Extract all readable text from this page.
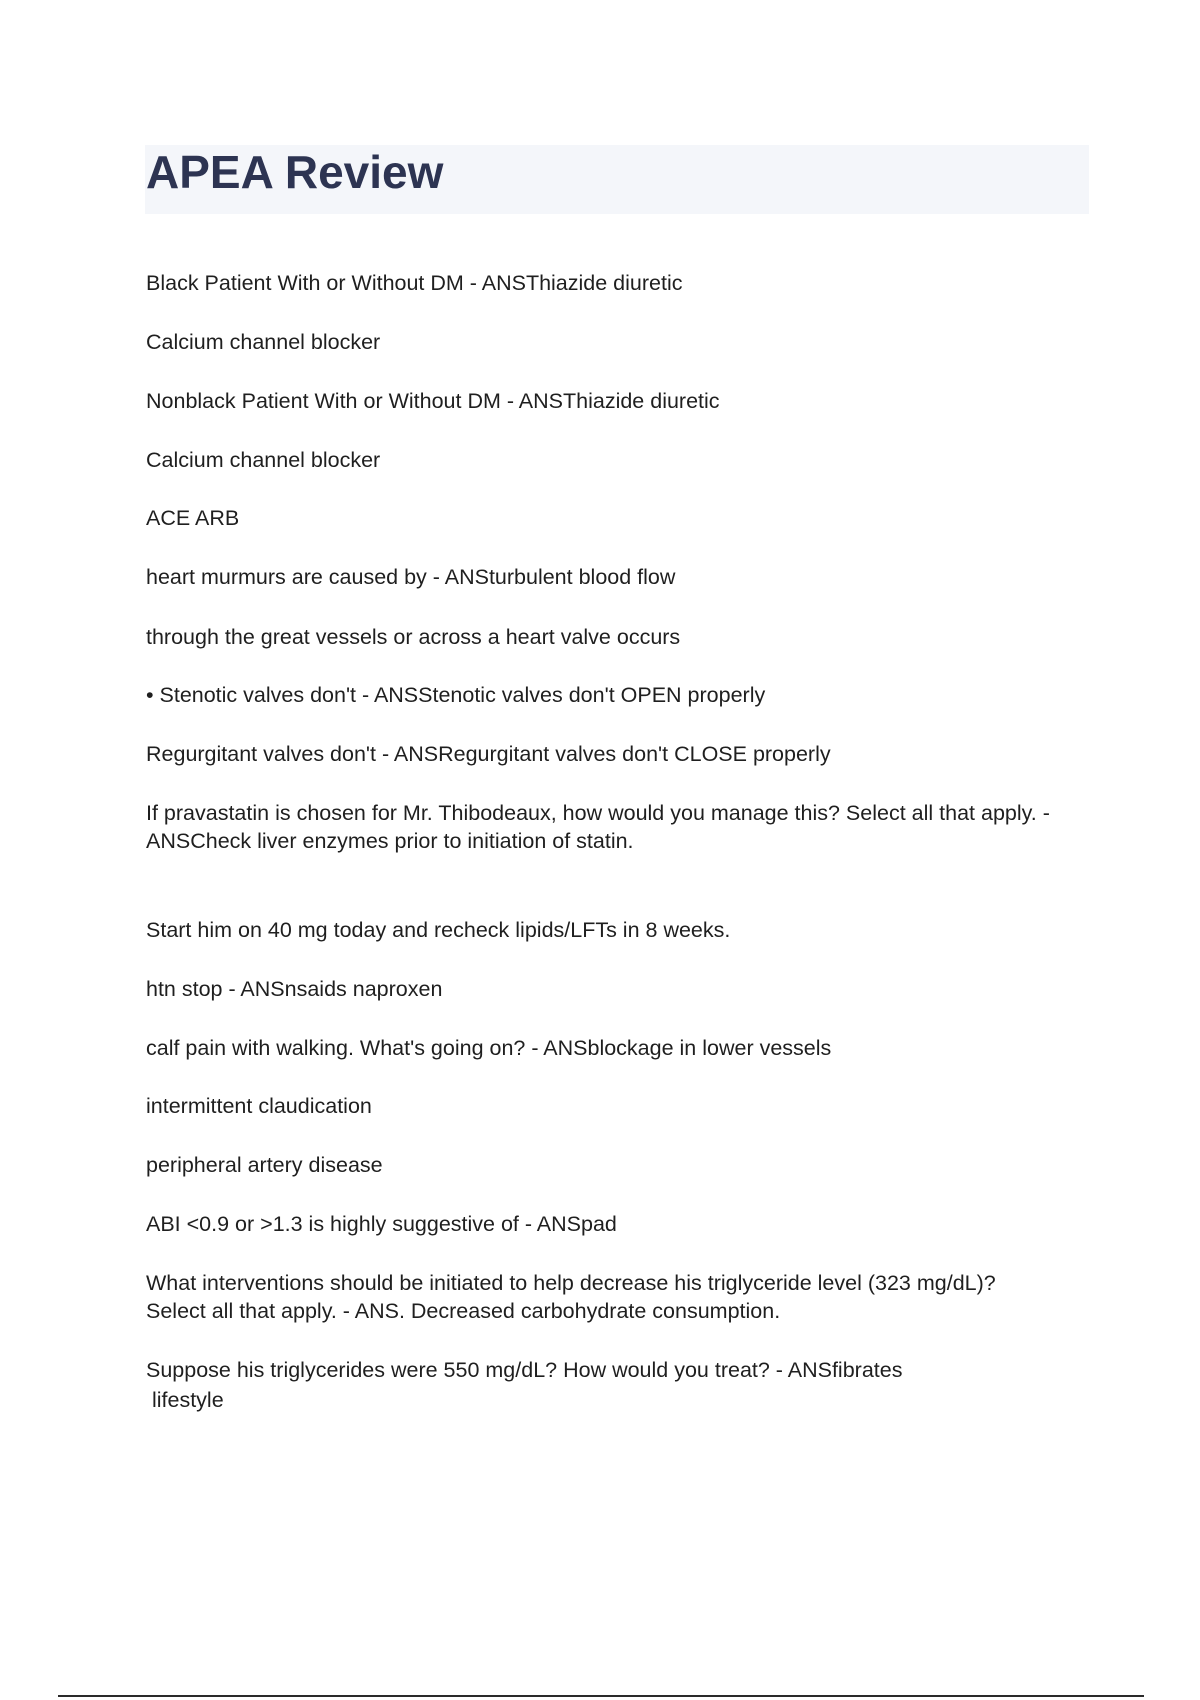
APEA Review

Black Patient With or Without DM - ANSThiazide diuretic

Calcium channel blocker

Nonblack Patient With or Without DM - ANSThiazide diuretic

Calcium channel blocker

ACE ARB

heart murmurs are caused by - ANSturbulent blood flow

through the great vessels or across a heart valve occurs

• Stenotic valves don't - ANSStenotic valves don't OPEN properly

Regurgitant valves don't - ANSRegurgitant valves don't CLOSE properly

If pravastatin is chosen for Mr. Thibodeaux, how would you manage this? Select all that apply. -

ANSCheck liver enzymes prior to initiation of statin.

Start him on 40 mg today and recheck lipids/LFTs in 8 weeks.

htn stop - ANSnsaids naproxen

calf pain with walking. What's going on? - ANSblockage in lower vessels

intermittent claudication

peripheral artery disease

ABI <0.9 or >1.3 is highly suggestive of - ANSpad

What interventions should be initiated to help decrease his triglyceride level (323 mg/dL)?

Select all that apply. - ANS. Decreased carbohydrate consumption.

Suppose his triglycerides were 550 mg/dL? How would you treat? - ANSfibrates

lifestyle
